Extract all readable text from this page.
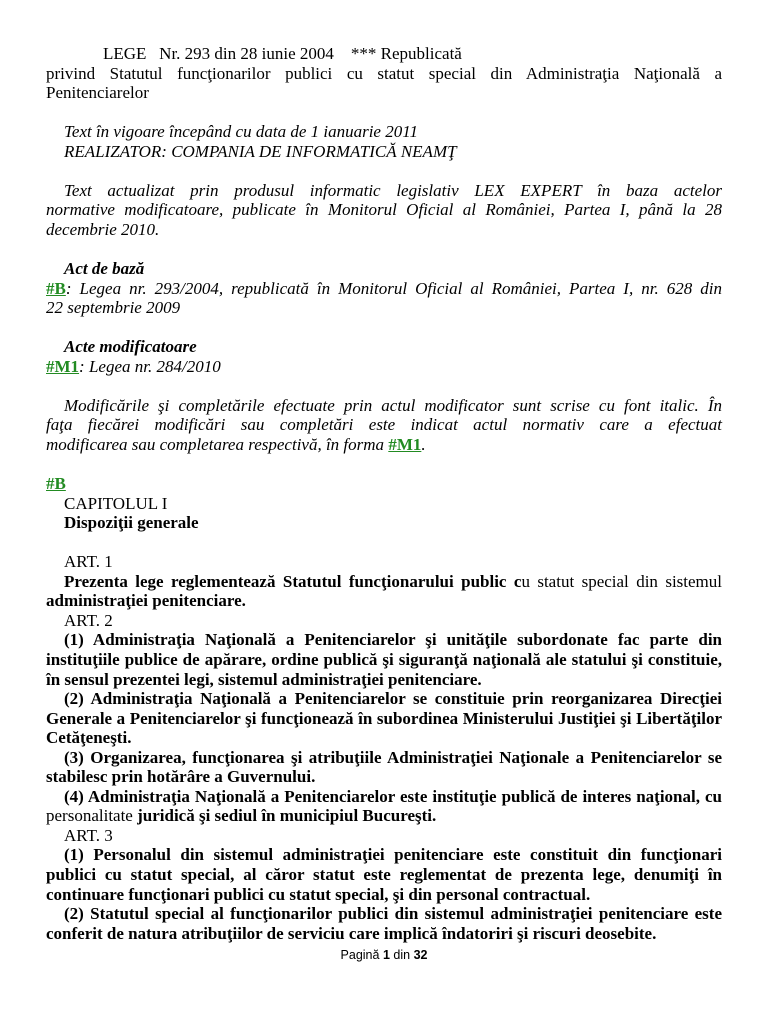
LEGE   Nr. 293 din 28 iunie 2004    *** Republicată
privind Statutul funcţionarilor publici cu statut special din Administraţia Naţională a
Penitenciarelor
Text în vigoare începând cu data de 1 ianuarie 2011
REALIZATOR: COMPANIA DE INFORMATICĂ NEAMŢ
Text actualizat prin produsul informatic legislativ LEX EXPERT în baza actelor
normative modificatoare, publicate în Monitorul Oficial al României, Partea I, până la 28
decembrie 2010.
Act de bază
#B: Legea nr. 293/2004, republicată în Monitorul Oficial al României, Partea I, nr. 628 din
22 septembrie 2009
Acte modificatoare
#M1: Legea nr. 284/2010
Modificările şi completările efectuate prin actul modificator sunt scrise cu font italic. În
faţa fiecărei modificări sau completări este indicat actul normativ care a efectuat
modificarea sau completarea respectivă, în forma #M1.
#B
CAPITOLUL I
Dispoziţii generale
ART. 1
Prezenta lege reglementează Statutul funcţionarului public cu statut special din sistemul
administraţiei penitenciare.
ART. 2
(1) Administraţia Naţională a Penitenciarelor şi unităţile subordonate fac parte din
instituţiile publice de apărare, ordine publică şi siguranţă naţională ale statului şi constituie,
în sensul prezentei legi, sistemul administraţiei penitenciare.
(2) Administraţia Naţională a Penitenciarelor se constituie prin reorganizarea Direcţiei
Generale a Penitenciarelor şi funcţionează în subordinea Ministerului Justiţiei şi Libertăţilor
Cetăţeneşti.
(3) Organizarea, funcţionarea şi atribuţiile Administraţiei Naţionale a Penitenciarelor se
stabilesc prin hotărâre a Guvernului.
(4) Administraţia Naţională a Penitenciarelor este instituţie publică de interes naţional, cu
personalitate juridică şi sediul în municipiul Bucureşti.
ART. 3
(1) Personalul din sistemul administraţiei penitenciare este constituit din funcţionari
publici cu statut special, al căror statut este reglementat de prezenta lege, denumiţi în
continuare funcţionari publici cu statut special, şi din personal contractual.
(2) Statutul special al funcţionarilor publici din sistemul administraţiei penitenciare este
conferit de natura atribuţiilor de serviciu care implică îndatoriri şi riscuri deosebite.
Pagină 1 din 32
